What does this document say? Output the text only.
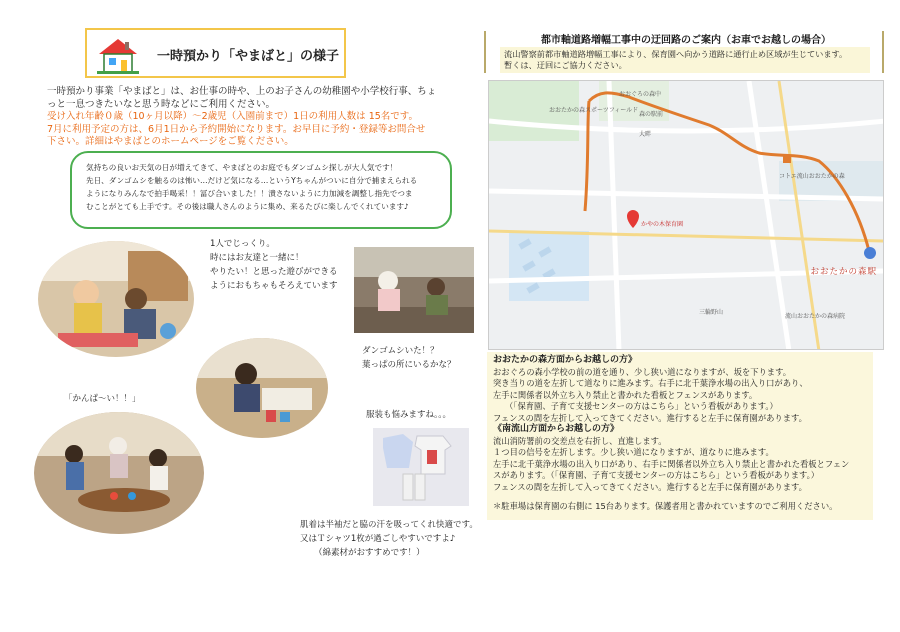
一時預かり「やまばと」の様子

一時預かり事業「やまばと」は、お仕事の時や、上のお子さんの幼稚園や小学校行事、ちょ

っと一息つきたいなと思う時などにご利用ください。

受け入れ年齢０歳（10ヶ月以降）～2歳児（入園前まで）1日の利用人数は 15名です。

7月に利用予定の方は、6月1日から予約開始になります。お早目に予約・登録等お問合せ

下さい。詳細はやまばとのホームページをご覧ください。

気持ちの良いお天気の日が増えてきて、やまばとのお庭でもダンゴムシ探しが大人気です！

先日、ダンゴムシを触るのは怖い…だけど気になる…というYちゃんがついに自分で捕まえられる

ようになりみんなで拍手喝采！！冨び合いました！！潰さないように力加減を調整し指先でつま

むことがとても上手です。その後は職人さんのように集め、来るたびに楽しんでくれています♪

1人でじっくり。
時にはお友達と一緒に！
やりたい！と思った遊びができる
ようにおもちゃもそろえています
ダンゴムシいた！？
葉っぱの所にいるかな？
「かんぱ～い！！」
服装も悩みますね。。。
肌着は半袖だと脇の汗を吸ってくれ快適です。
又はＴシャツ1枚が過ごしやすいですよ♪
（綿素材がおすすめです！）
都市軸道路増幅工事中の迂回路のご案内（お車でお越しの場合）
流山警察前都市軸道路増幅工事により、保育園へ向かう道路に通行止め区域が生じています。
暫くは、迂回にご協力ください。
おおたかの森スポーツフィールド
おおぐろの森中
森の駅前
大畔
三輪野山
コトエ流山おおたかの森
流山おおたかの森病院
かやの木保育園
おおたかの森駅

おおたかの森方面からお越しの方》

おおぐろの森小学校の前の道を通り、少し狭い道になりますが、坂を下ります。

突き当りの道を左折して道なりに進みます。右手に北千葉浄水場の出入り口があり、

左手に関係者以外立ち入り禁止と書かれた看板とフェンスがあります。

（「保育園、子育て支援センターの方はこちら」という看板があります。）

フェンスの間を左折して入ってきてください。進行すると左手に保育園があります。

《南流山方面からお越しの方》

流山消防署前の交差点を右折し、直進します。

１つ目の信号を左折します。少し狭い道になりますが、道なりに進みます。

左手に北千葉浄水場の出入り口があり、右手に関係者以外立ち入り禁止と書かれた看板とフェン

スがあります。（「保育園、子育て支援センターの方はこちら」という看板があります。）

フェンスの間を左折して入ってきてください。進行すると左手に保育園があります。

＊駐車場は保育園の右側に 15台あります。保護者用と書かれていますのでご利用ください。
